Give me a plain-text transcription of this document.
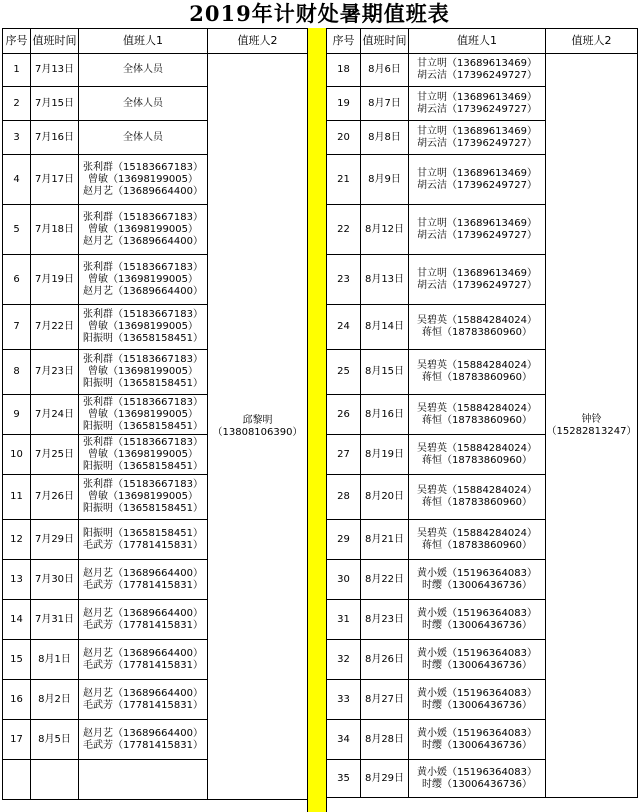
2019年计财处暑期值班表
序号	值班时间	值班人1	值班人2
1	7月13日	全体人员	邱黎明
（13808106390）

2	7月15日	全体人员	

3	7月16日	全体人员	

4	7月17日	张利群（15183667183）
曾敏（13698199005）
赵月艺（13689664400）	

5	7月18日	张利群（15183667183）
曾敏（13698199005）
赵月艺（13689664400）	

6	7月19日	张利群（15183667183）
曾敏（13698199005）
赵月艺（13689664400）	

7	7月22日	张利群（15183667183）
曾敏（13698199005）
阳振明（13658158451）	

8	7月23日	张利群（15183667183）
曾敏（13698199005）
阳振明（13658158451）	

9	7月24日	张利群（15183667183）
曾敏（13698199005）
阳振明（13658158451）	

10	7月25日	张利群（15183667183）
曾敏（13698199005）
阳振明（13658158451）	

11	7月26日	张利群（15183667183）
曾敏（13698199005）
阳振明（13658158451）	

12	7月29日	阳振明（13658158451）
毛武芳（17781415831）	

13	7月30日	赵月艺（13689664400）
毛武芳（17781415831）	

14	7月31日	赵月艺（13689664400）
毛武芳（17781415831）	

15	8月1日	赵月艺（13689664400）
毛武芳（17781415831）	

16	8月2日	赵月艺（13689664400）
毛武芳（17781415831）	

17	8月5日	赵月艺（13689664400）
毛武芳（17781415831）	

序号	值班时间	值班人1	值班人2
18	8月6日	甘立明（13689613469）
胡云洁（17396249727）	钟铃
（15282813247）

19	8月7日	甘立明（13689613469）
胡云洁（17396249727）	

20	8月8日	甘立明（13689613469）
胡云洁（17396249727）	

21	8月9日	甘立明（13689613469）
胡云洁（17396249727）	

22	8月12日	甘立明（13689613469）
胡云洁（17396249727）	

23	8月13日	甘立明（13689613469）
胡云洁（17396249727）	

24	8月14日	吴碧英（15884284024）
蒋恒（18783860960）	

25	8月15日	吴碧英（15884284024）
蒋恒（18783860960）	

26	8月16日	吴碧英（15884284024）
蒋恒（18783860960）	

27	8月19日	吴碧英（15884284024）
蒋恒（18783860960）	

28	8月20日	吴碧英（15884284024）
蒋恒（18783860960）	

29	8月21日	吴碧英（15884284024）
蒋恒（18783860960）	

30	8月22日	黄小媛（15196364083）
时缨（13006436736）	

31	8月23日	黄小媛（15196364083）
时缨（13006436736）	

32	8月26日	黄小媛（15196364083）
时缨（13006436736）	

33	8月27日	黄小媛（15196364083）
时缨（13006436736）	

34	8月28日	黄小媛（15196364083）
时缨（13006436736）	

35	8月29日	黄小媛（15196364083）
时缨（13006436736）	
